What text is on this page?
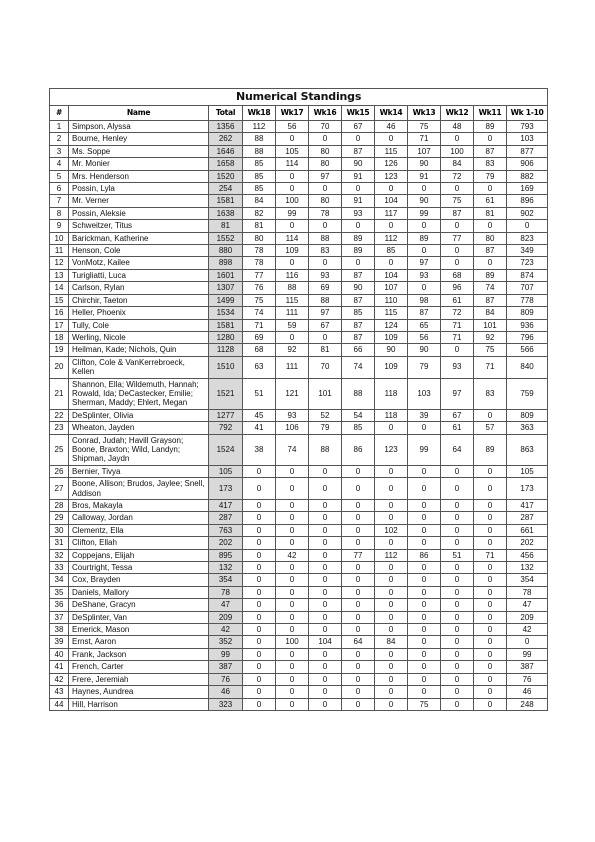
Numerical Standings											
#	Name	Total	Wk18	Wk17	Wk16	Wk15	Wk14	Wk13	Wk12	Wk11	Wk 1-10
1	Simpson, Alyssa	1356	112	56	70	67	46	75	48	89	793
2	Bourne, Henley	262	88	0	0	0	0	71	0	0	103
3	Ms. Soppe	1646	88	105	80	87	115	107	100	87	877
4	Mr. Monier	1658	85	114	80	90	126	90	84	83	906
5	Mrs. Henderson	1520	85	0	97	91	123	91	72	79	882
6	Possin, Lyla	254	85	0	0	0	0	0	0	0	169
7	Mr. Verner	1581	84	100	80	91	104	90	75	61	896
8	Possin, Aleksie	1638	82	99	78	93	117	99	87	81	902
9	Schweitzer, Titus	81	81	0	0	0	0	0	0	0	0
10	Barickman, Katherine	1552	80	114	88	89	112	89	77	80	823
11	Henson, Cole	880	78	109	83	89	85	0	0	87	349
12	VonMotz, Kailee	898	78	0	0	0	0	97	0	0	723
13	Turigliatti, Luca	1601	77	116	93	87	104	93	68	89	874
14	Carlson, Rylan	1307	76	88	69	90	107	0	96	74	707
15	Chirchir, Taeton	1499	75	115	88	87	110	98	61	87	778
16	Heller, Phoenix	1534	74	111	97	85	115	87	72	84	809
17	Tully, Cole	1581	71	59	67	87	124	65	71	101	936
18	Werling, Nicole	1280	69	0	0	87	109	56	71	92	796
19	Heilman, Kade; Nichols, Quin	1128	68	92	81	66	90	90	0	75	566
20	Clifton, Cole & VanKerrebroeck, Kellen	1510	63	111	70	74	109	79	93	71	840
21	Shannon, Ella; Wildemuth, Hannah; Rowald, Ida; DeCastecker, Emilie; Sherman, Maddy; Ehlert, Megan	1521	51	121	101	88	118	103	97	83	759
22	DeSplinter, Olivia	1277	45	93	52	54	118	39	67	0	809
23	Wheaton, Jayden	792	41	106	79	85	0	0	61	57	363
25	Conrad, Judah; Havill Grayson; Boone, Braxton; Wild, Landyn; Shipman, Jaydn	1524	38	74	88	86	123	99	64	89	863
26	Bernier, Tivya	105	0	0	0	0	0	0	0	0	105
27	Boone, Allison; Brudos, Jaylee; Snell, Addison	173	0	0	0	0	0	0	0	0	173
28	Bros, Makayla	417	0	0	0	0	0	0	0	0	417
29	Calloway, Jordan	287	0	0	0	0	0	0	0	0	287
30	Clementz, Ella	763	0	0	0	0	102	0	0	0	661
31	Clifton, Ellah	202	0	0	0	0	0	0	0	0	202
32	Coppejans, Elijah	895	0	42	0	77	112	86	51	71	456
33	Courtright, Tessa	132	0	0	0	0	0	0	0	0	132
34	Cox, Brayden	354	0	0	0	0	0	0	0	0	354
35	Daniels, Mallory	78	0	0	0	0	0	0	0	0	78
36	DeShane, Gracyn	47	0	0	0	0	0	0	0	0	47
37	DeSplinter, Van	209	0	0	0	0	0	0	0	0	209
38	Emerick, Mason	42	0	0	0	0	0	0	0	0	42
39	Ernst, Aaron	352	0	100	104	64	84	0	0	0	0
40	Frank, Jackson	99	0	0	0	0	0	0	0	0	99
41	French, Carter	387	0	0	0	0	0	0	0	0	387
42	Frere, Jeremiah	76	0	0	0	0	0	0	0	0	76
43	Haynes, Aundrea	46	0	0	0	0	0	0	0	0	46
44	Hill, Harrison	323	0	0	0	0	0	75	0	0	248
